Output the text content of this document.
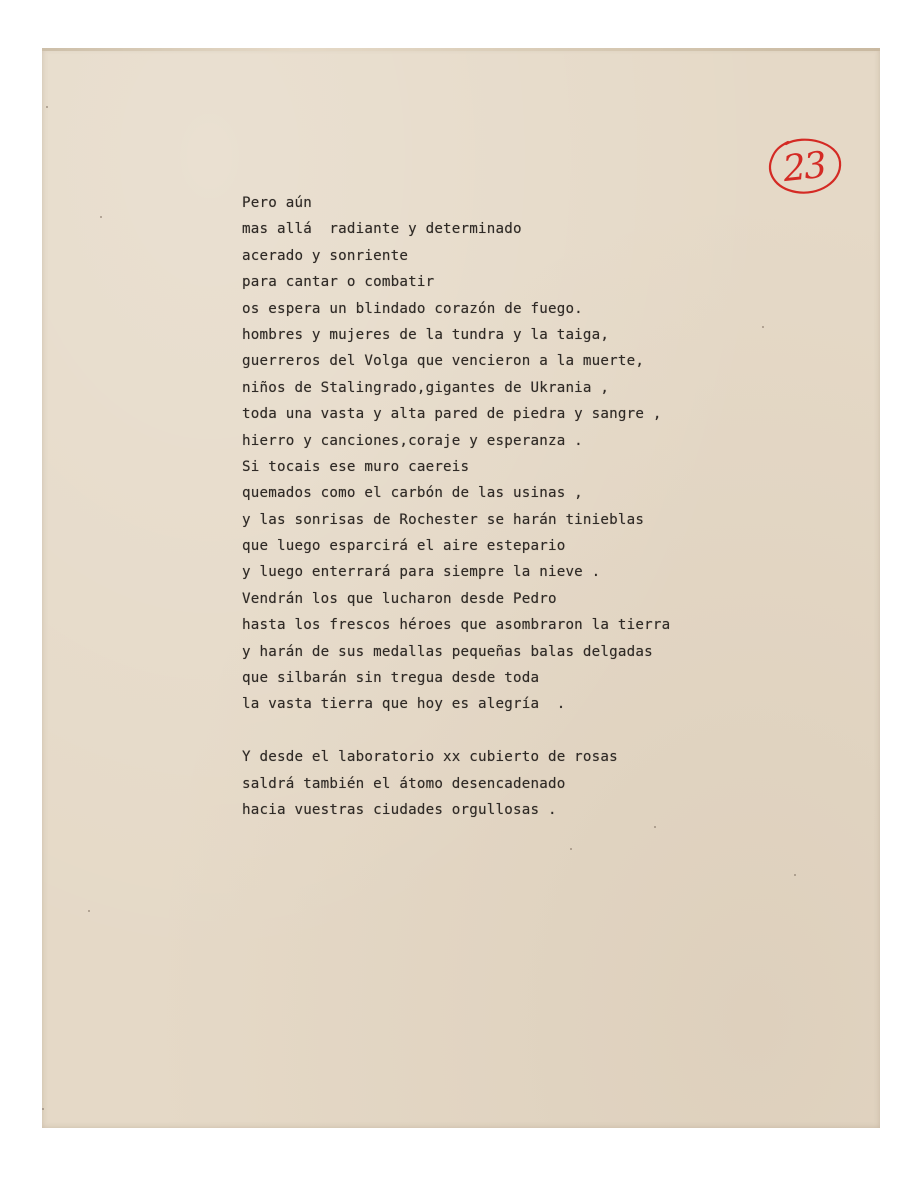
23
Pero aún
mas allá  radiante y determinado
acerado y sonriente
para cantar o combatir
os espera un blindado corazón de fuego.
hombres y mujeres de la tundra y la taiga,
guerreros del Volga que vencieron a la muerte,
niños de Stalingrado,gigantes de Ukrania ,
toda una vasta y alta pared de piedra y sangre ,
hierro y canciones,coraje y esperanza .
Si tocais ese muro caereis
quemados como el carbón de las usinas ,
y las sonrisas de Rochester se harán tinieblas
que luego esparcirá el aire estepario
y luego enterrará para siempre la nieve .
Vendrán los que lucharon desde Pedro
hasta los frescos héroes que asombraron la tierra
y harán de sus medallas pequeñas balas delgadas
que silbarán sin tregua desde toda
la vasta tierra que hoy es alegría  .
Y desde el laboratorio xx cubierto de rosas
saldrá también el átomo desencadenado
hacia vuestras ciudades orgullosas .
